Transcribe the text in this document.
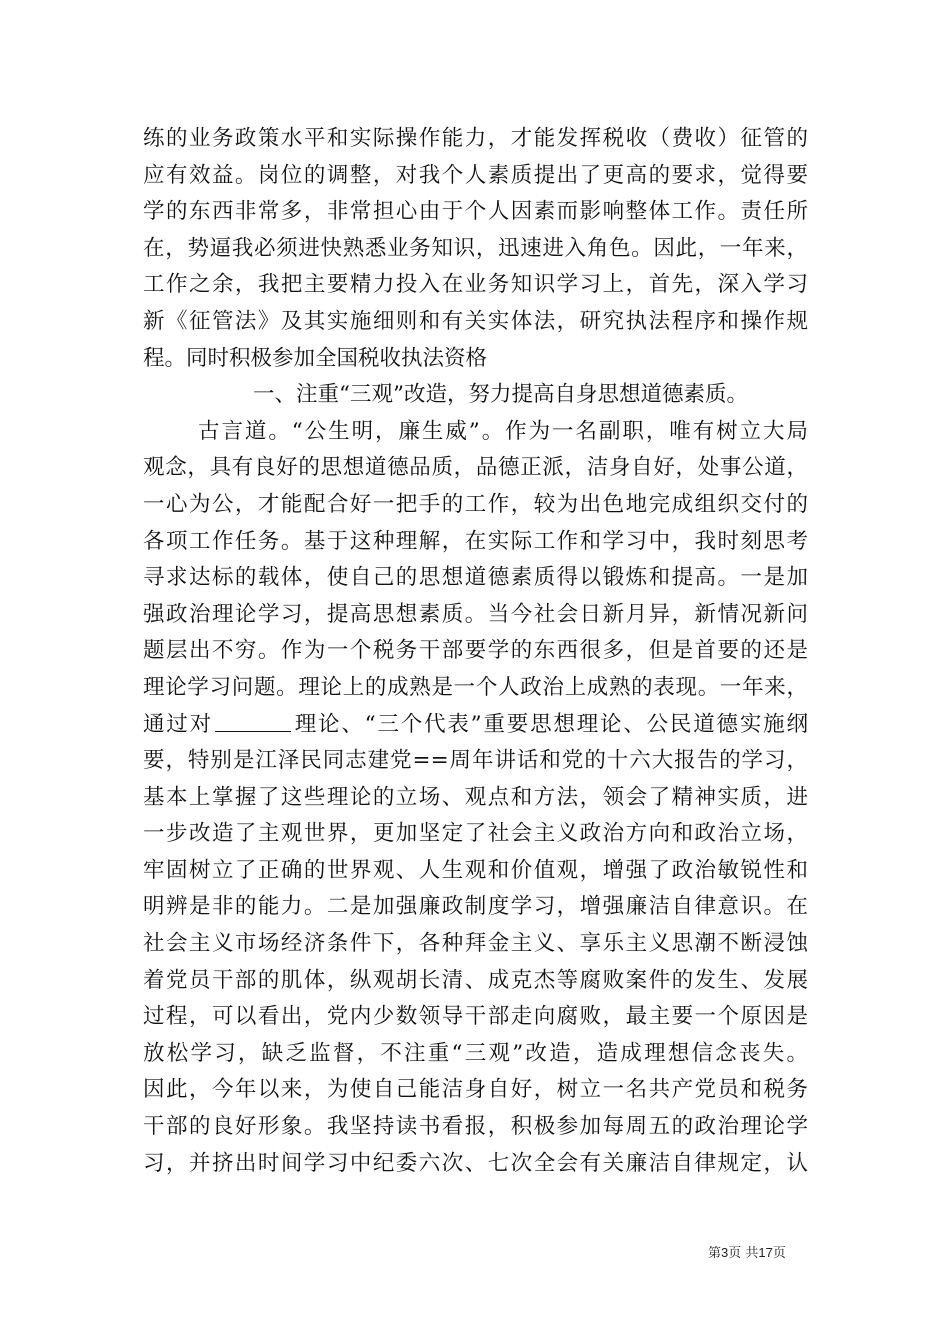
练的业务政策水平和实际操作能力，才能发挥税收（费收）征管的
应有效益。岗位的调整，对我个人素质提出了更高的要求，觉得要
学的东西非常多，非常担心由于个人因素而影响整体工作。责任所
在，势逼我必须进快熟悉业务知识，迅速进入角色。因此，一年来，
工作之余，我把主要精力投入在业务知识学习上，首先，深入学习
新《征管法》及其实施细则和有关实体法，研究执法程序和操作规
程。同时积极参加全国税收执法资格
一、注重“三观”改造，努力提高自身思想道德素质。
古言道。“公生明，廉生威”。作为一名副职，唯有树立大局
观念，具有良好的思想道德品质，品德正派，洁身自好，处事公道，
一心为公，才能配合好一把手的工作，较为出色地完成组织交付的
各项工作任务。基于这种理解，在实际工作和学习中，我时刻思考
寻求达标的载体，使自己的思想道德素质得以锻炼和提高。一是加
强政治理论学习，提高思想素质。当今社会日新月异，新情况新问
题层出不穷。作为一个税务干部要学的东西很多，但是首要的还是
理论学习问题。理论上的成熟是一个人政治上成熟的表现。一年来，
通过对	理论、“三个代表”重要思想理论、公民道德实施纲
要，特别是江泽民同志建党==周年讲话和党的十六大报告的学习，
基本上掌握了这些理论的立场、观点和方法，领会了精神实质，进
一步改造了主观世界，更加坚定了社会主义政治方向和政治立场，
牢固树立了正确的世界观、人生观和价值观，增强了政治敏锐性和
明辨是非的能力。二是加强廉政制度学习，增强廉洁自律意识。在
社会主义市场经济条件下，各种拜金主义、享乐主义思潮不断浸蚀
着党员干部的肌体，纵观胡长清、成克杰等腐败案件的发生、发展
过程，可以看出，党内少数领导干部走向腐败，最主要一个原因是
放松学习，缺乏监督，不注重“三观”改造，造成理想信念丧失。
因此，今年以来，为使自己能洁身自好，树立一名共产党员和税务
干部的良好形象。我坚持读书看报，积极参加每周五的政治理论学
习，并挤出时间学习中纪委六次、七次全会有关廉洁自律规定，认
第3页 共17页
